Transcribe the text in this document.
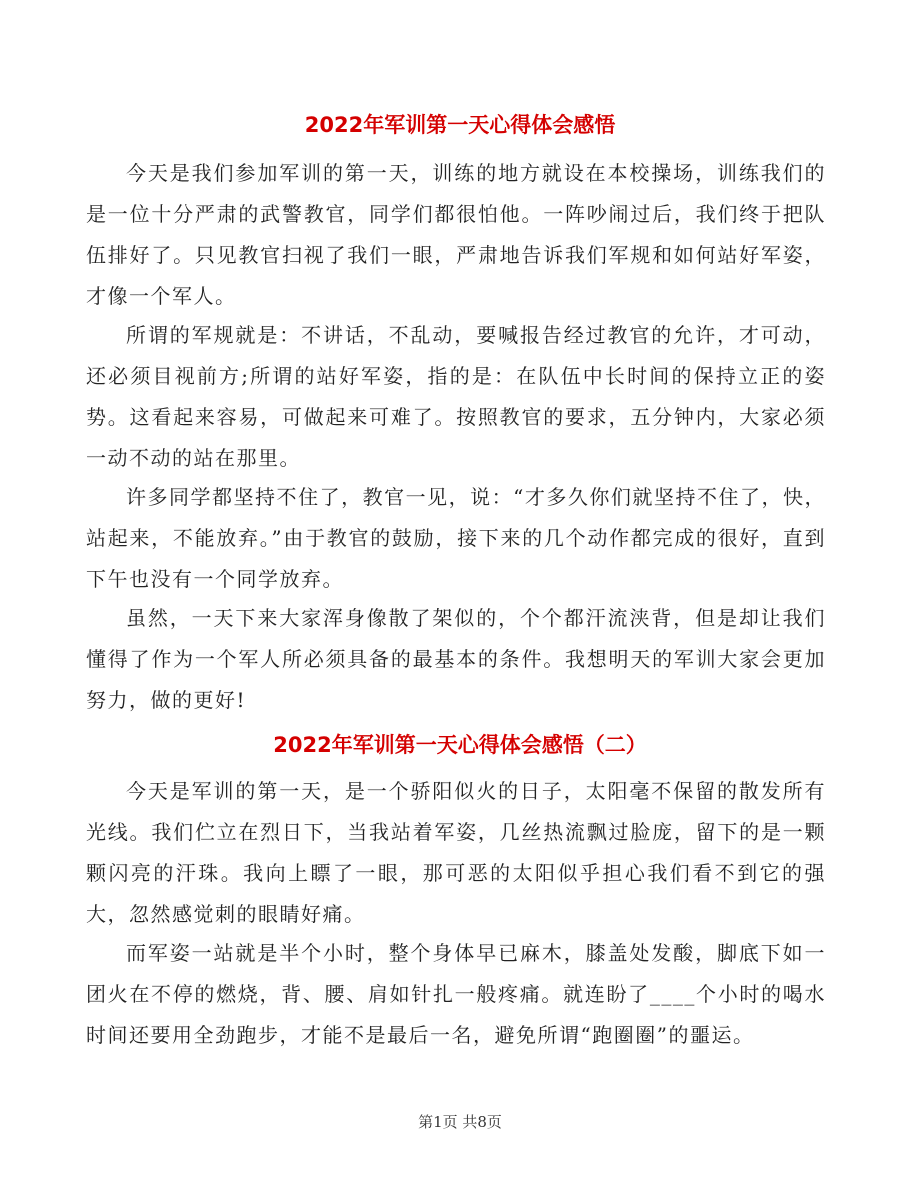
2022年军训第一天心得体会感悟

今天是我们参加军训的第一天，训练的地方就设在本校操场，训练我们的是一位十分严肃的武警教官，同学们都很怕他。一阵吵闹过后，我们终于把队伍排好了。只见教官扫视了我们一眼，严肃地告诉我们军规和如何站好军姿，才像一个军人。

所谓的军规就是：不讲话，不乱动，要喊报告经过教官的允许，才可动，还必须目视前方;所谓的站好军姿，指的是：在队伍中长时间的保持立正的姿势。这看起来容易，可做起来可难了。按照教官的要求，五分钟内，大家必须一动不动的站在那里。

许多同学都坚持不住了，教官一见，说：“才多久你们就坚持不住了，快，站起来，不能放弃。”由于教官的鼓励，接下来的几个动作都完成的很好，直到下午也没有一个同学放弃。

虽然，一天下来大家浑身像散了架似的，个个都汗流浃背，但是却让我们懂得了作为一个军人所必须具备的最基本的条件。我想明天的军训大家会更加努力，做的更好!

2022年军训第一天心得体会感悟（二）

今天是军训的第一天，是一个骄阳似火的日子，太阳毫不保留的散发所有光线。我们伫立在烈日下，当我站着军姿，几丝热流飘过脸庞，留下的是一颗颗闪亮的汗珠。我向上瞟了一眼，那可恶的太阳似乎担心我们看不到它的强大，忽然感觉刺的眼睛好痛。

而军姿一站就是半个小时，整个身体早已麻木，膝盖处发酸，脚底下如一团火在不停的燃烧，背、腰、肩如针扎一般疼痛。就连盼了____个小时的喝水时间还要用全劲跑步，才能不是最后一名，避免所谓“跑圈圈”的噩运。

第1页 共8页
